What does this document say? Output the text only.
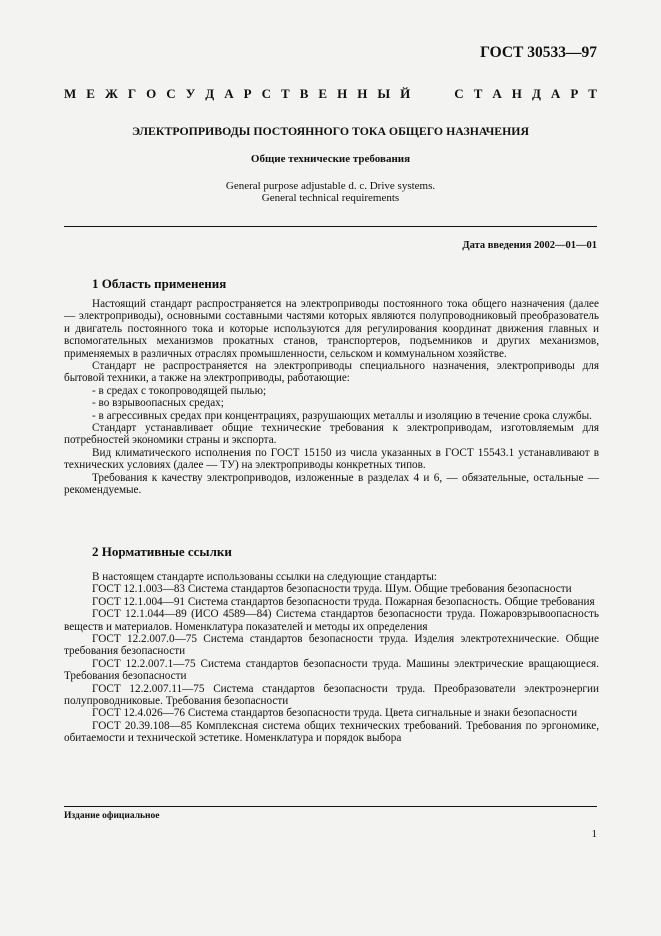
ГОСТ 30533—97
М Е Ж Г О С У Д А Р С Т В Е Н Н Ы Й	С Т А Н Д А Р Т
ЭЛЕКТРОПРИВОДЫ ПОСТОЯННОГО ТОКА ОБЩЕГО НАЗНАЧЕНИЯ
Общие технические требования
General purpose adjustable d. c. Drive systems.
General technical requirements
Дата введения 2002—01—01
1 Область применения

Настоящий стандарт распространяется на электроприводы постоянного тока общего назначения (далее — электроприводы), основными составными частями которых являются полупроводниковый преобразователь и двигатель постоянного тока и которые используются для регулирования координат движения главных и вспомогательных механизмов прокатных станов, транспортеров, подъемников и других механизмов, применяемых в различных отраслях промышленности, сельском и коммунальном хозяйстве.

Стандарт не распространяется на электроприводы специального назначения, электроприводы для бытовой техники, а также на электроприводы, работающие:

- в средах с токопроводящей пылью;

- во взрывоопасных средах;

- в агрессивных средах при концентрациях, разрушающих металлы и изоляцию в течение срока службы.

Стандарт устанавливает общие технические требования к электроприводам, изготовляемым для потребностей экономики страны и экспорта.

Вид климатического исполнения по ГОСТ 15150 из числа указанных в ГОСТ 15543.1 устанавливают в технических условиях (далее — ТУ) на электроприводы конкретных типов.

Требования к качеству электроприводов, изложенные в разделах 4 и 6, — обязательные, остальные — рекомендуемые.

2 Нормативные ссылки

В настоящем стандарте использованы ссылки на следующие стандарты:

ГОСТ 12.1.003—83 Система стандартов безопасности труда. Шум. Общие требования безопасности

ГОСТ 12.1.004—91 Система стандартов безопасности труда. Пожарная безопасность. Общие требования

ГОСТ 12.1.044—89 (ИСО 4589—84) Система стандартов безопасности труда. Пожаровзрывоопасность веществ и материалов. Номенклатура показателей и методы их определения

ГОСТ 12.2.007.0—75 Система стандартов безопасности труда. Изделия электротехнические. Общие требования безопасности

ГОСТ 12.2.007.1—75 Система стандартов безопасности труда. Машины электрические вращающиеся. Требования безопасности

ГОСТ 12.2.007.11—75 Система стандартов безопасности труда. Преобразователи электроэнергии полупроводниковые. Требования безопасности

ГОСТ 12.4.026—76 Система стандартов безопасности труда. Цвета сигнальные и знаки безопасности

ГОСТ 20.39.108—85 Комплексная система общих технических требований. Требования по эргономике, обитаемости и технической эстетике. Номенклатура и порядок выбора

Издание официальное
1
